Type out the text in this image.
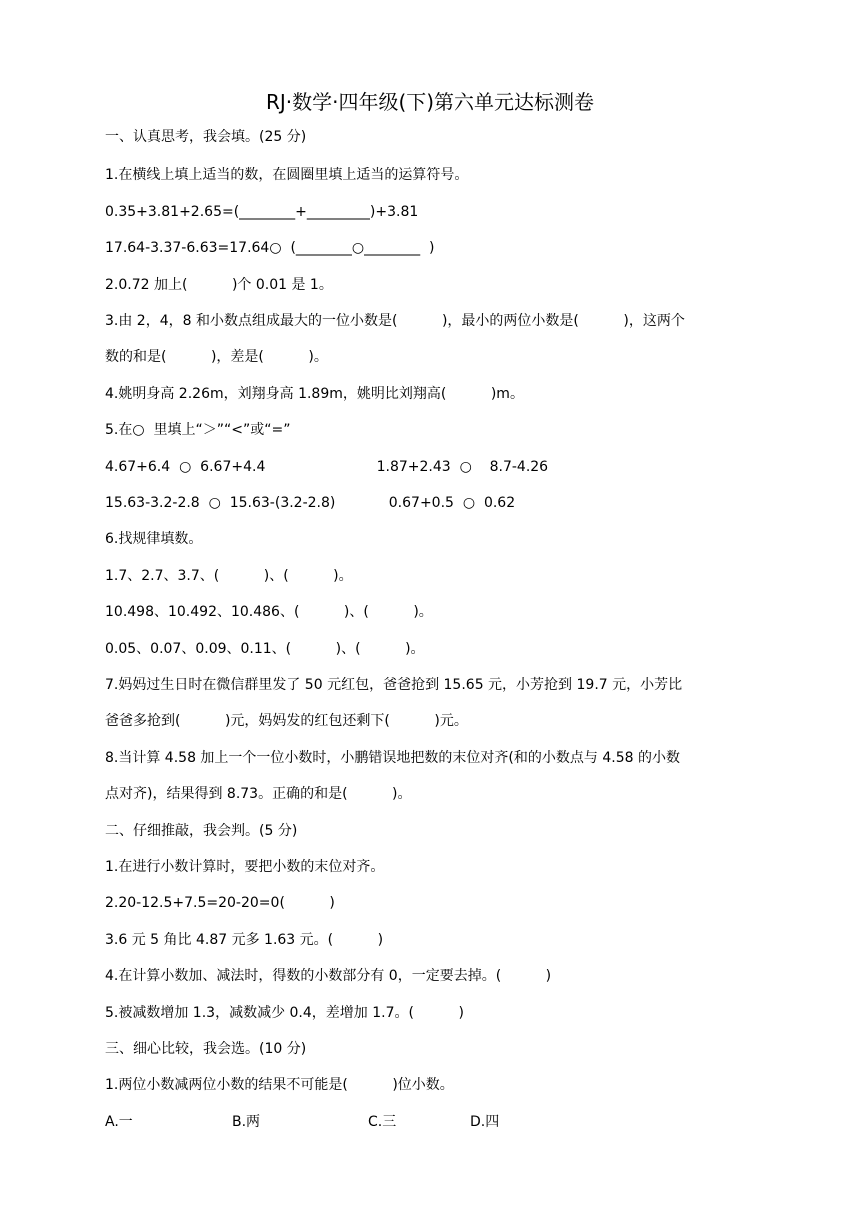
RJ·数学·四年级(下)第六单元达标测卷
一、认真思考，我会填。(25 分)
1.在横线上填上适当的数，在圆圈里填上适当的运算符号。
0.35+3.81+2.65=(________+_________)+3.81
17.64-3.37-6.63=17.64○  (________○________  )
2.0.72 加上(          )个 0.01 是 1。
3.由 2，4，8 和小数点组成最大的一位小数是(          )，最小的两位小数是(          )，这两个
数的和是(          )，差是(          )。
4.姚明身高 2.26m，刘翔身高 1.89m，姚明比刘翔高(          )m。
5.在○  里填上“＞”“<”或“=”
4.67+6.4  ○  6.67+4.4                         1.87+2.43  ○    8.7-4.26
15.63-3.2-2.8  ○  15.63-(3.2-2.8)            0.67+0.5  ○  0.62
6.找规律填数。
1.7、2.7、3.7、(          )、(          )。
10.498、10.492、10.486、(          )、(          )。
0.05、0.07、0.09、0.11、(          )、(          )。
7.妈妈过生日时在微信群里发了 50 元红包，爸爸抢到 15.65 元，小芳抢到 19.7 元，小芳比
爸爸多抢到(          )元，妈妈发的红包还剩下(          )元。
8.当计算 4.58 加上一个一位小数时，小鹏错误地把数的末位对齐(和的小数点与 4.58 的小数
点对齐)，结果得到 8.73。正确的和是(          )。
二、仔细推敲，我会判。(5 分)
1.在进行小数计算时，要把小数的末位对齐。
2.20-12.5+7.5=20-20=0(          )
3.6 元 5 角比 4.87 元多 1.63 元。(          )
4.在计算小数加、减法时，得数的小数部分有 0，一定要去掉。(          )
5.被减数增加 1.3，减数减少 0.4，差增加 1.7。(          )
三、细心比较，我会选。(10 分)
1.两位小数减两位小数的结果不可能是(          )位小数。
A.一	B.两	C.三	D.四
